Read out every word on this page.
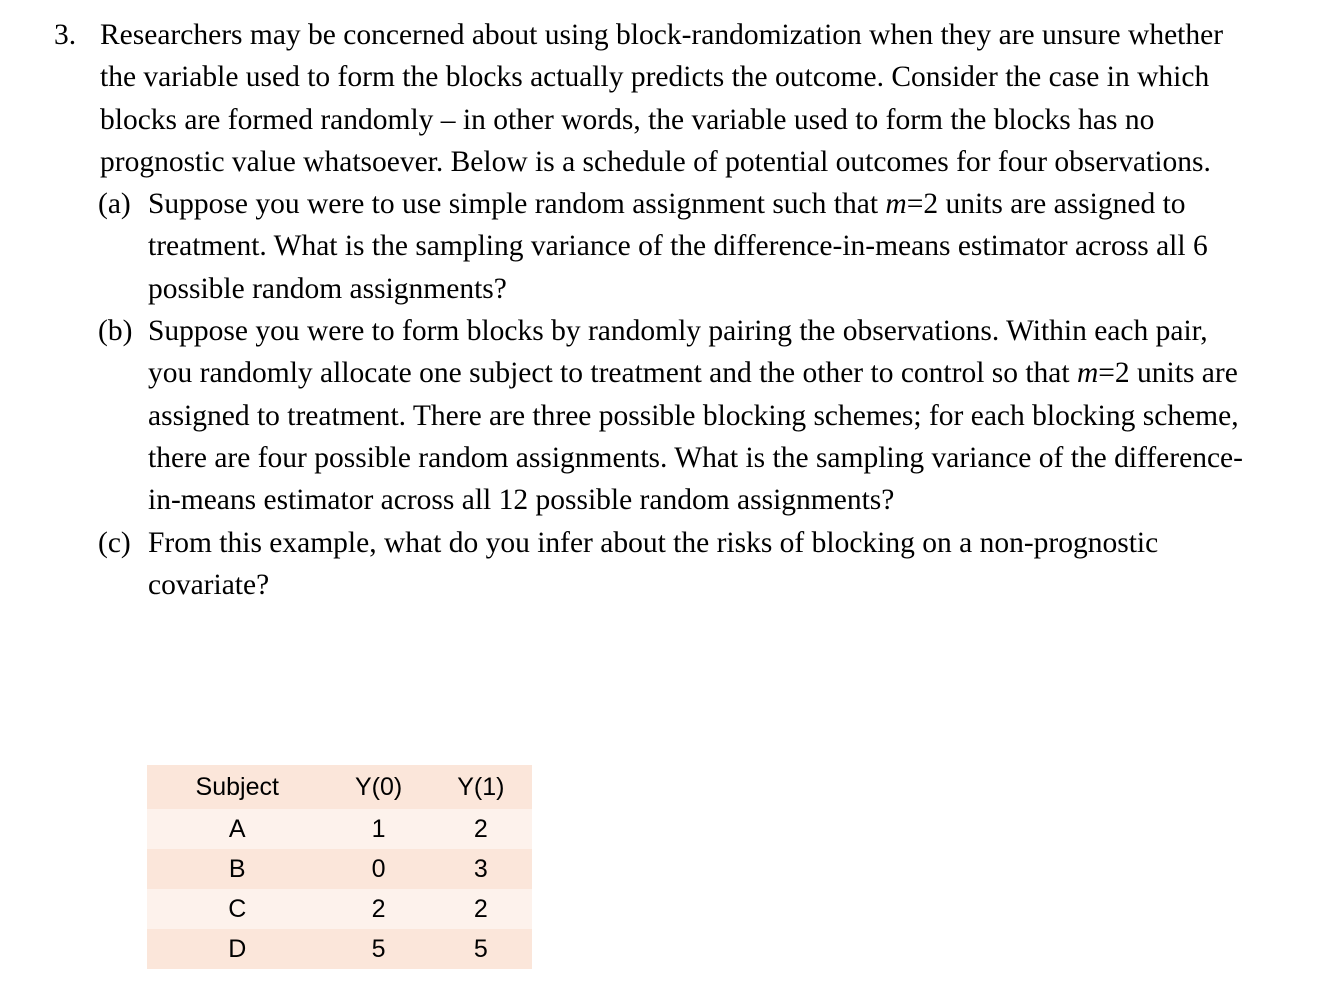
3. Researchers may be concerned about using block-randomization when they are unsure whether the variable used to form the blocks actually predicts the outcome. Consider the case in which blocks are formed randomly – in other words, the variable used to form the blocks has no prognostic value whatsoever. Below is a schedule of potential outcomes for four observations.
(a) Suppose you were to use simple random assignment such that m=2 units are assigned to treatment. What is the sampling variance of the difference-in-means estimator across all 6 possible random assignments?
(b) Suppose you were to form blocks by randomly pairing the observations. Within each pair, you randomly allocate one subject to treatment and the other to control so that m=2 units are assigned to treatment. There are three possible blocking schemes; for each blocking scheme, there are four possible random assignments. What is the sampling variance of the difference-in-means estimator across all 12 possible random assignments?
(c) From this example, what do you infer about the risks of blocking on a non-prognostic covariate?
Subject	Y(0)	Y(1)
A	1	2
B	0	3
C	2	2
D	5	5
